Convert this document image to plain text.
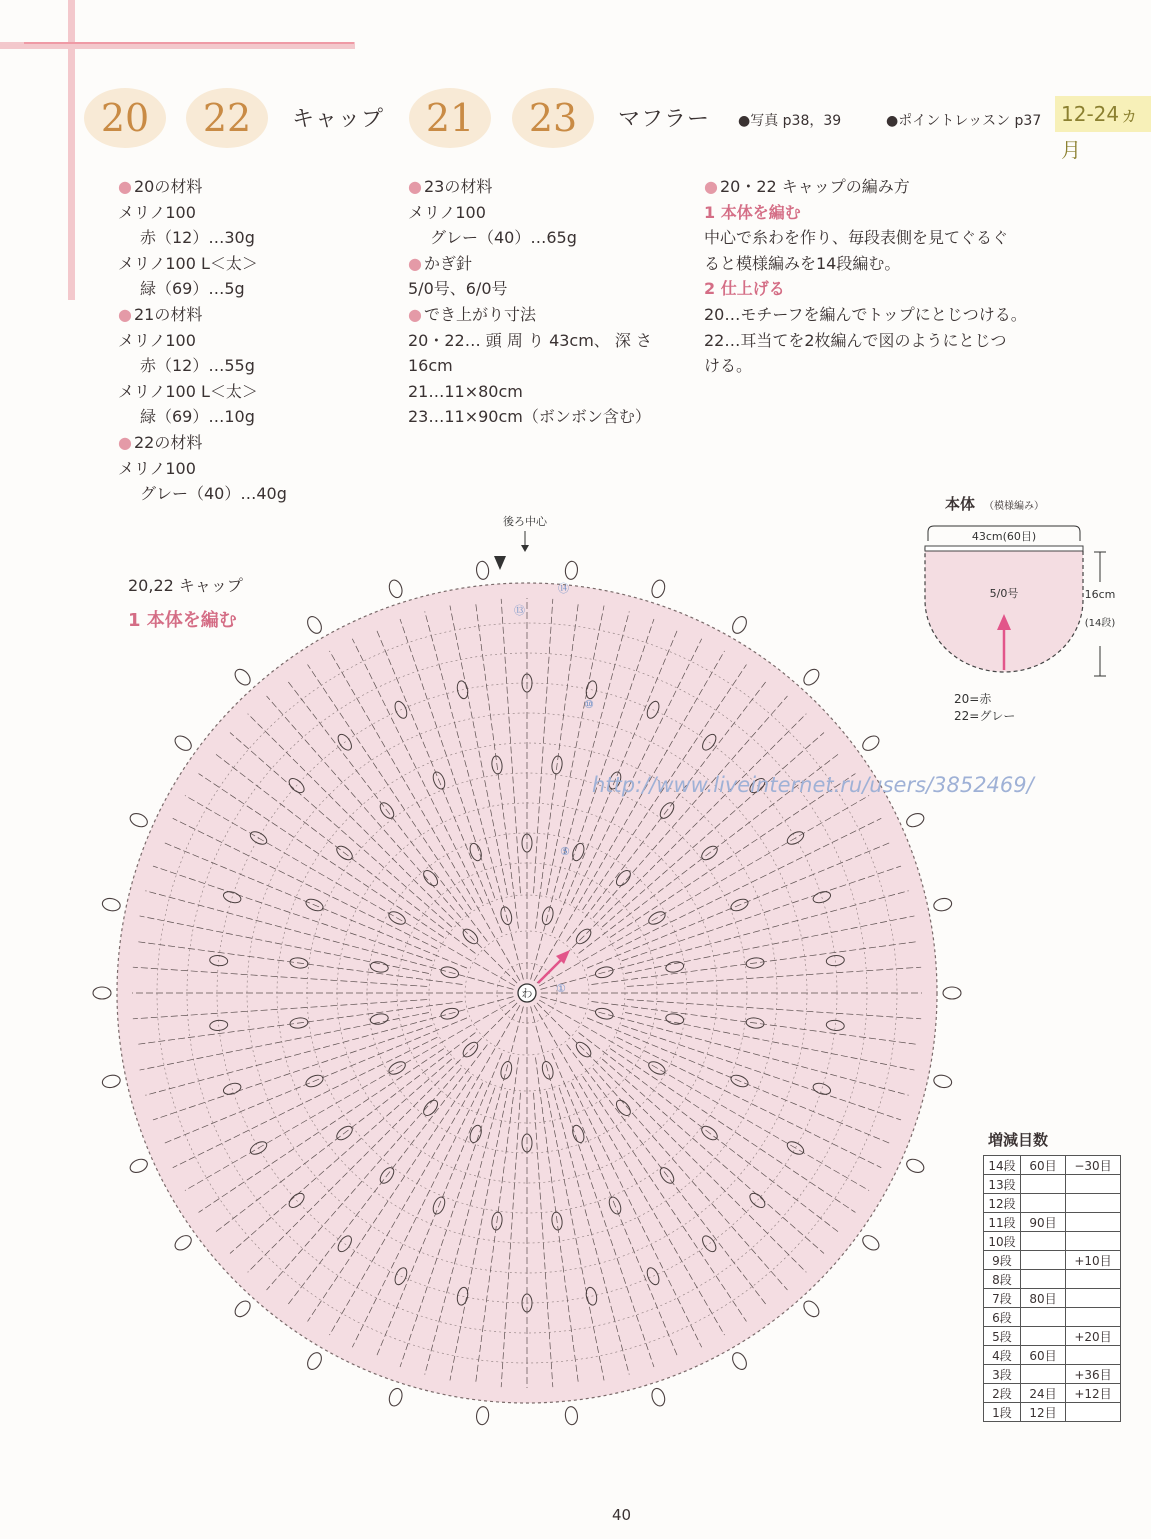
20	22	キャップ	21	23	マフラー ●写真 p38，39	●ポイントレッスン p37 12-24ヵ月
● 20の材料
メリノ100
赤（12）…30g
メリノ100 L＜太＞
緑（69）…5g
● 21の材料
メリノ100
赤（12）…55g
メリノ100 L＜太＞
緑（69）…10g
● 22の材料
メリノ100
グレー（40）…40g
● 23の材料
メリノ100
グレー（40）…65g
● かぎ針
5/0号、6/0号
● でき上がり寸法
20・22… 頭 周 り 43cm、 深 さ
16cm
21…11×80cm
23…11×90cm（ボンボン含む）
● 20・22 キャップの編み方
1 本体を編む
中心で糸わを作り、毎段表側を見てぐるぐ
ると模様編みを14段編む。
2 仕上げる
20…モチーフを編んでトップにとじつける。
22…耳当てを2枚編んで図のようにとじつ
ける。
20,22 キャップ
1 本体を編む
わ
後ろ中心
①
⑤
⑩
⑬
⑭
本体 （模様編み）
43cm(60目)
5/0号	16cm
(14段)
20=赤
22=グレー
http://www.liveinternet.ru/users/3852469/
増減目数
14段	60目	−30目
13段		
12段		
11段	90目	
10段		
9段		+10目
8段		
7段	80目	
6段		
5段		+20目
4段	60目	
3段		+36目
2段	24目	+12目
1段	12目	
40
